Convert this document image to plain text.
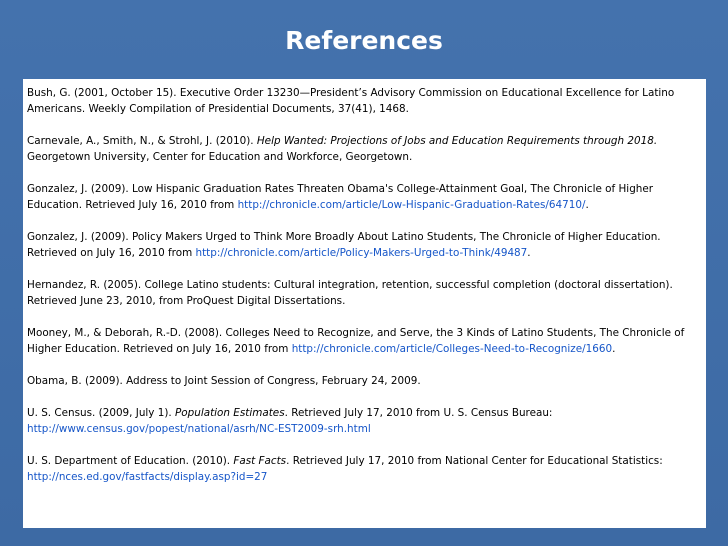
References

Bush, G. (2001, October 15). Executive Order 13230—President’s Advisory Commission on Educational Excellence for Latino Americans. Weekly Compilation of Presidential Documents, 37(41), 1468.

Carnevale, A., Smith, N., & Strohl, J. (2010). Help Wanted: Projections of Jobs and Education Requirements through 2018. Georgetown University, Center for Education and Workforce, Georgetown.

Gonzalez, J. (2009). Low Hispanic Graduation Rates Threaten Obama's College-Attainment Goal, The Chronicle of Higher Education. Retrieved July 16, 2010 from http://chronicle.com/article/Low-Hispanic-Graduation-Rates/64710/.

Gonzalez, J. (2009). Policy Makers Urged to Think More Broadly About Latino Students, The Chronicle of Higher Education. Retrieved on July 16, 2010 from http://chronicle.com/article/Policy-Makers-Urged-to-Think/49487.

Hernandez, R. (2005). College Latino students: Cultural integration, retention, successful completion (doctoral dissertation). Retrieved June 23, 2010, from ProQuest Digital Dissertations.

Mooney, M., & Deborah, R.-D. (2008). Colleges Need to Recognize, and Serve, the 3 Kinds of Latino Students, The Chronicle of Higher Education. Retrieved on July 16, 2010 from http://chronicle.com/article/Colleges-Need-to-Recognize/1660.

Obama, B. (2009). Address to Joint Session of Congress, February 24, 2009.

U. S. Census. (2009, July 1). Population Estimates. Retrieved July 17, 2010 from U. S. Census Bureau:
http://www.census.gov/popest/national/asrh/NC-EST2009-srh.html

U. S. Department of Education. (2010). Fast Facts. Retrieved July 17, 2010 from National Center for Educational Statistics:
http://nces.ed.gov/fastfacts/display.asp?id=27
